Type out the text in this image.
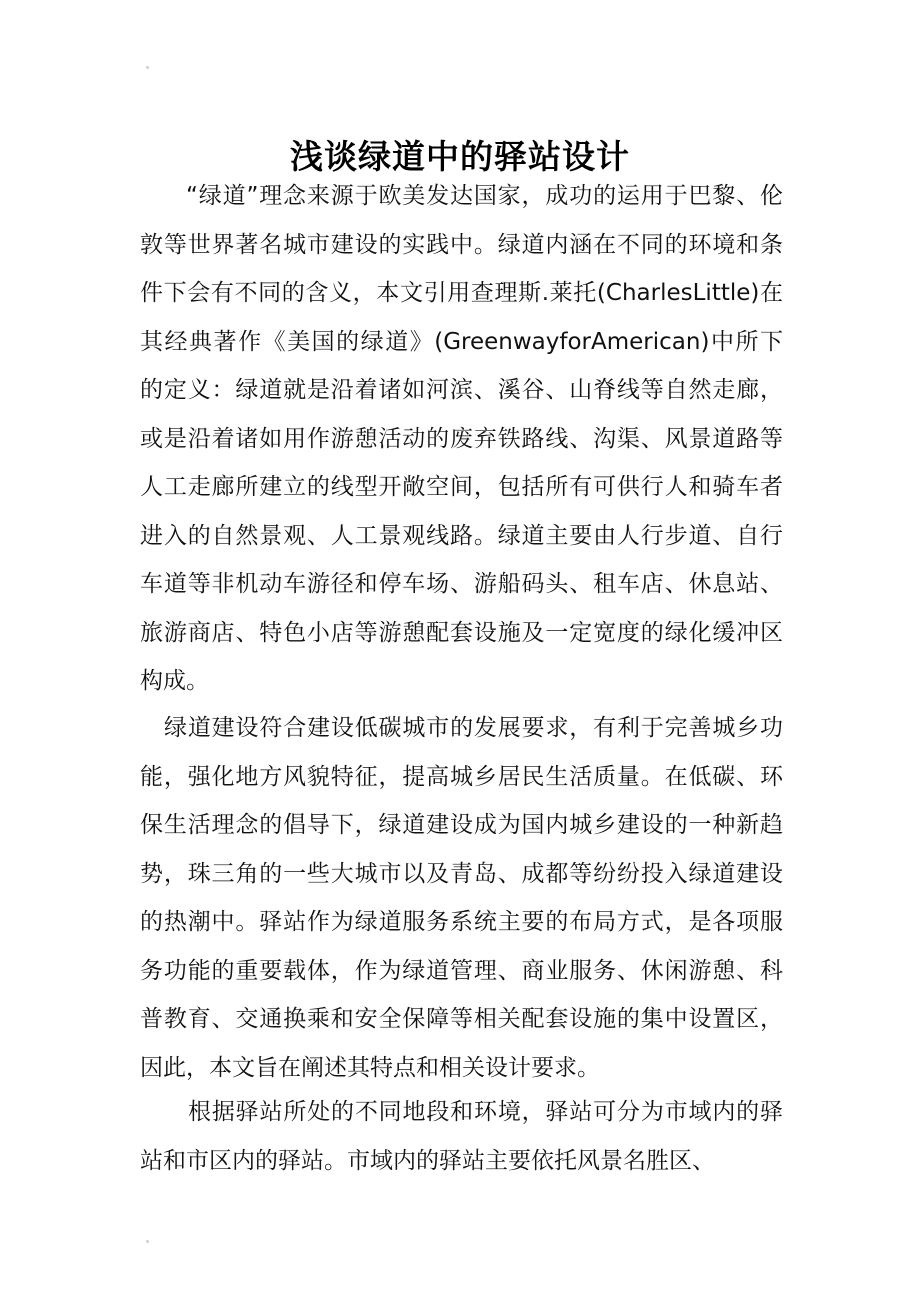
浅谈绿道中的驿站设计

“绿道”理念来源于欧美发达国家，成功的运用于巴黎、伦敦等世界著名城市建设的实践中。绿道内涵在不同的环境和条件下会有不同的含义，本文引用查理斯.莱托(CharlesLittle)在其经典著作《美国的绿道》(GreenwayforAmerican)中所下的定义：绿道就是沿着诸如河滨、溪谷、山脊线等自然走廊，或是沿着诸如用作游憩活动的废弃铁路线、沟渠、风景道路等人工走廊所建立的线型开敞空间，包括所有可供行人和骑车者进入的自然景观、人工景观线路。绿道主要由人行步道、自行车道等非机动车游径和停车场、游船码头、租车店、休息站、旅游商店、特色小店等游憩配套设施及一定宽度的绿化缓冲区构成。

绿道建设符合建设低碳城市的发展要求，有利于完善城乡功能，强化地方风貌特征，提高城乡居民生活质量。在低碳、环保生活理念的倡导下，绿道建设成为国内城乡建设的一种新趋势，珠三角的一些大城市以及青岛、成都等纷纷投入绿道建设的热潮中。驿站作为绿道服务系统主要的布局方式，是各项服务功能的重要载体，作为绿道管理、商业服务、休闲游憩、科普教育、交通换乘和安全保障等相关配套设施的集中设置区，因此，本文旨在阐述其特点和相关设计要求。

根据驿站所处的不同地段和环境，驿站可分为市域内的驿站和市区内的驿站。市域内的驿站主要依托风景名胜区、
